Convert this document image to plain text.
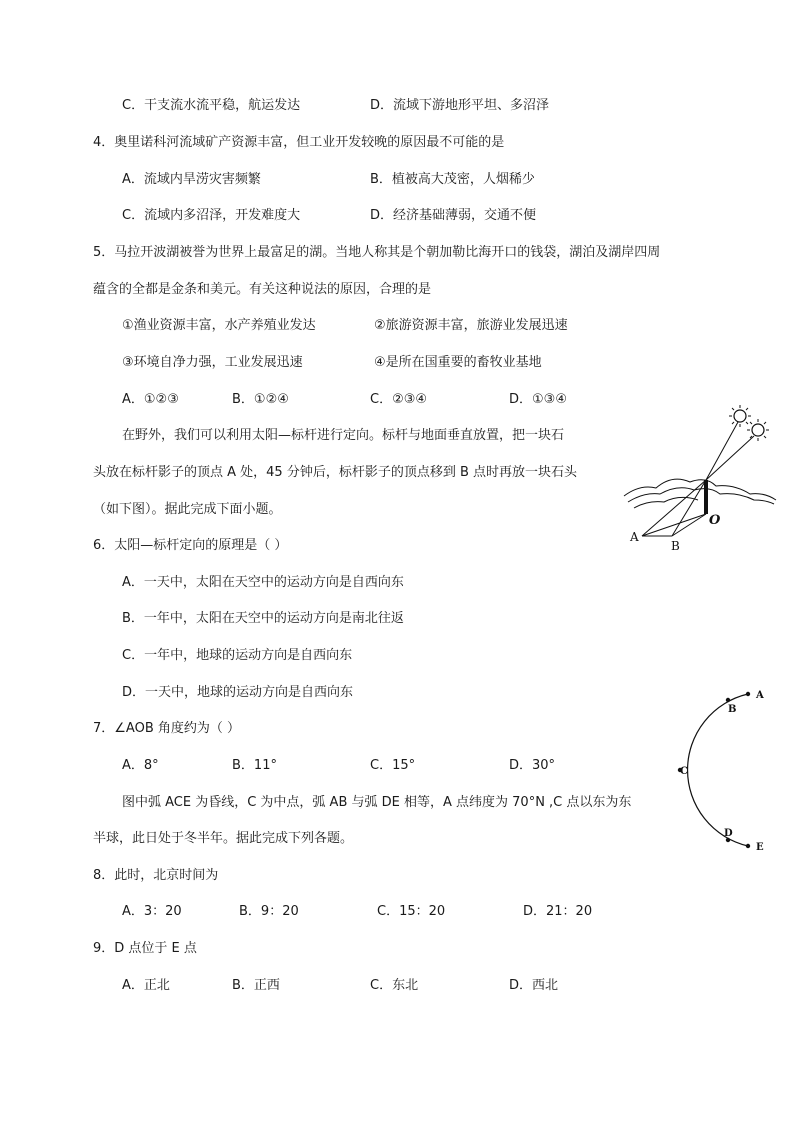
C．干支流水流平稳，航运发达	D．流域下游地形平坦、多沼泽
4．奥里诺科河流域矿产资源丰富，但工业开发较晚的原因最不可能的是
A．流域内旱涝灾害频繁	B．植被高大茂密，人烟稀少
C．流域内多沼泽，开发难度大	D．经济基础薄弱，交通不便
5．马拉开波湖被誉为世界上最富足的湖。当地人称其是个朝加勒比海开口的钱袋，湖泊及湖岸四周
蕴含的全都是金条和美元。有关这种说法的原因，合理的是
①渔业资源丰富，水产养殖业发达	②旅游资源丰富，旅游业发展迅速
③环境自净力强，工业发展迅速	④是所在国重要的畜牧业基地
A．①②③	B．①②④	C．②③④	D．①③④
在野外，我们可以利用太阳—标杆进行定向。标杆与地面垂直放置，把一块石
头放在标杆影子的顶点 A 处，45 分钟后，标杆影子的顶点移到 B 点时再放一块石头
（如下图）。据此完成下面小题。
O
A
B
6．太阳—标杆定向的原理是（ ）
A．一天中，太阳在天空中的运动方向是自西向东
B．一年中，太阳在天空中的运动方向是南北往返
C．一年中，地球的运动方向是自西向东
D．一天中，地球的运动方向是自西向东
7．∠AOB 角度约为（ ）
A．8°	B．11°	C．15°	D．30°
A
B
C
D
E
图中弧 ACE 为昏线，C 为中点，弧 AB 与弧 DE 相等，A 点纬度为 70°N ,C 点以东为东
半球，此日处于冬半年。据此完成下列各题。
8．此时，北京时间为
A．3：20	B．9：20	C．15：20	D．21：20
9．D 点位于 E 点
A．正北	B．正西	C．东北	D．西北
